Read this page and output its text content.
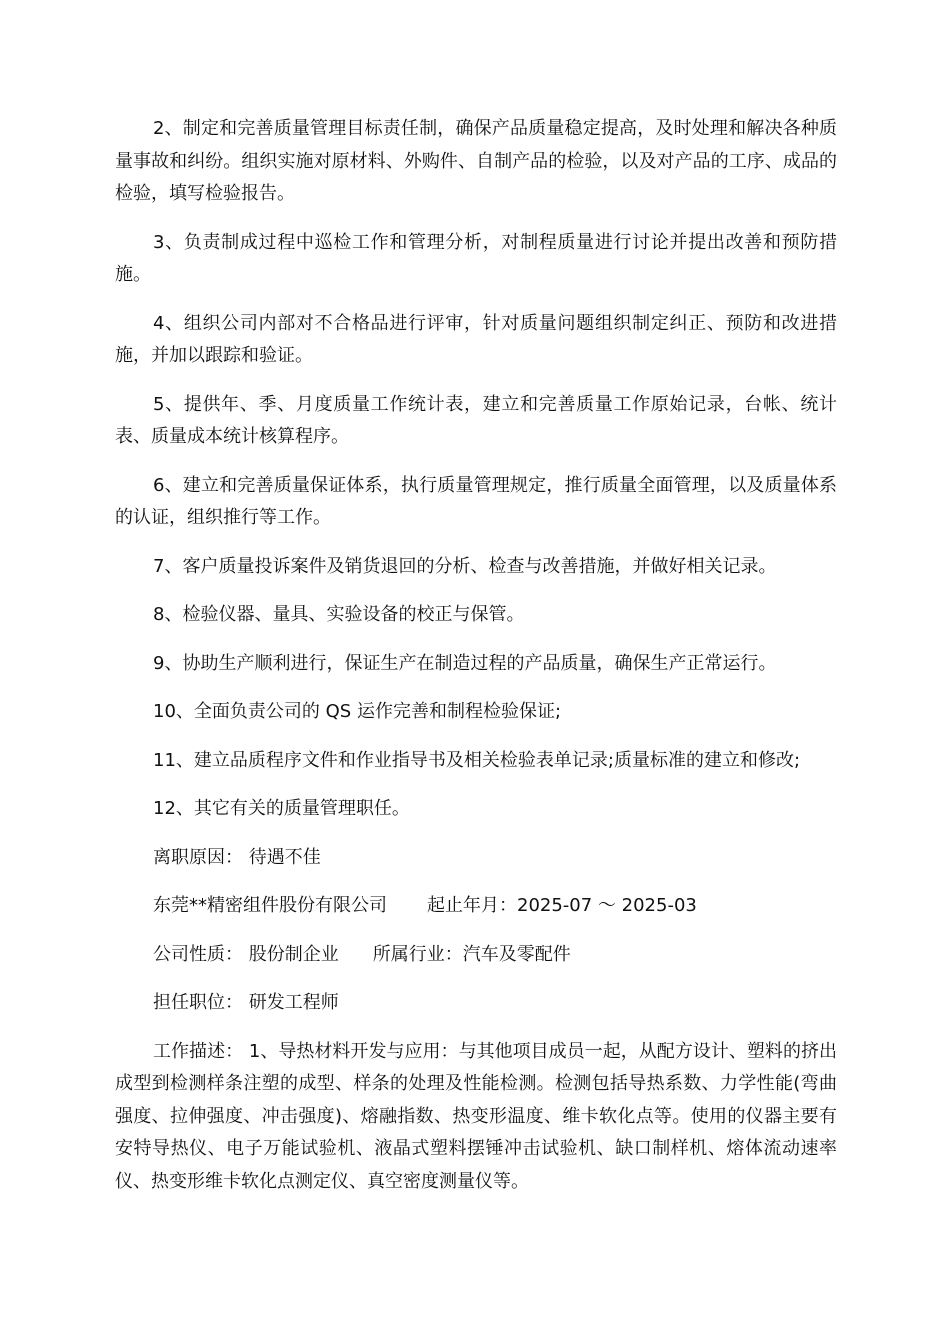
2、制定和完善质量管理目标责任制，确保产品质量稳定提高，及时处理和解决各种质量事故和纠纷。组织实施对原材料、外购件、自制产品的检验，以及对产品的工序、成品的检验，填写检验报告。

3、负责制成过程中巡检工作和管理分析，对制程质量进行讨论并提出改善和预防措施。

4、组织公司内部对不合格品进行评审，针对质量问题组织制定纠正、预防和改进措施，并加以跟踪和验证。

5、提供年、季、月度质量工作统计表，建立和完善质量工作原始记录，台帐、统计表、质量成本统计核算程序。

6、建立和完善质量保证体系，执行质量管理规定，推行质量全面管理，以及质量体系的认证，组织推行等工作。

7、客户质量投诉案件及销货退回的分析、检查与改善措施，并做好相关记录。

8、检验仪器、量具、实验设备的校正与保管。

9、协助生产顺利进行，保证生产在制造过程的产品质量，确保生产正常运行。

10、全面负责公司的 QS 运作完善和制程检验保证;

11、建立品质程序文件和作业指导书及相关检验表单记录;质量标准的建立和修改;

12、其它有关的质量管理职任。

离职原因： 待遇不佳
东莞**精密组件股份有限公司 起止年月：2025-07 ～ 2025-03
公司性质： 股份制企业 所属行业：汽车及零配件
担任职位： 研发工程师

工作描述： 1、导热材料开发与应用：与其他项目成员一起，从配方设计、塑料的挤出成型到检测样条注塑的成型、样条的处理及性能检测。检测包括导热系数、力学性能(弯曲强度、拉伸强度、冲击强度)、熔融指数、热变形温度、维卡软化点等。使用的仪器主要有安特导热仪、电子万能试验机、液晶式塑料摆锤冲击试验机、缺口制样机、熔体流动速率仪、热变形维卡软化点测定仪、真空密度测量仪等。
